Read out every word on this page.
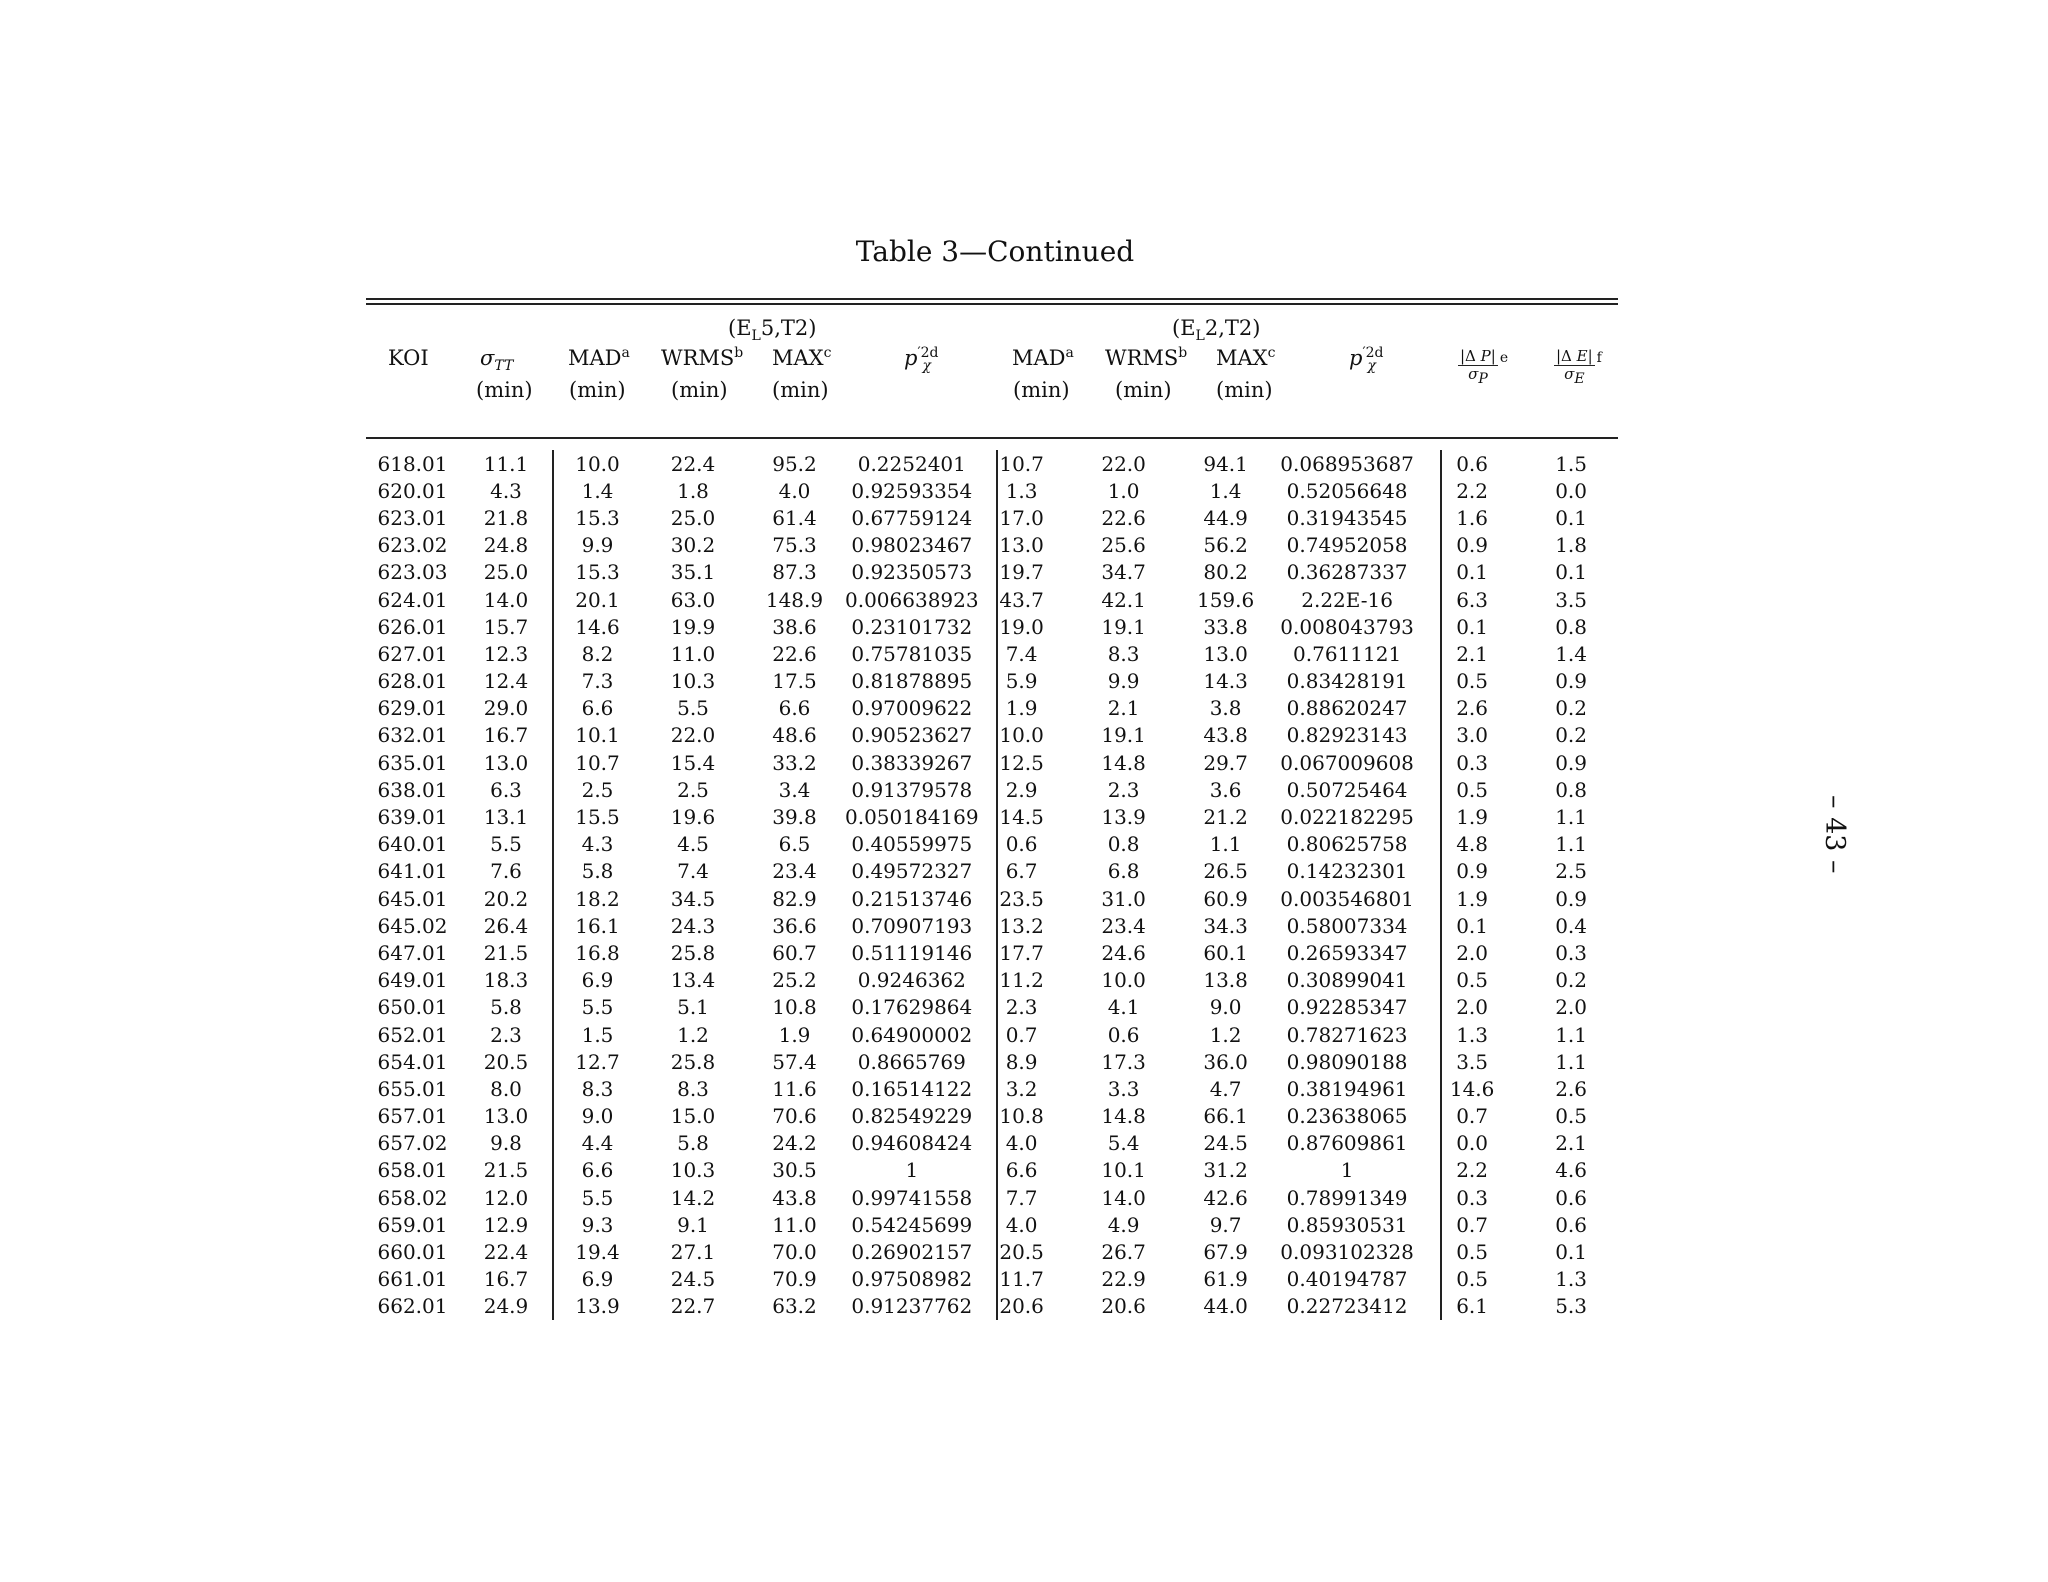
Table 3—Continued
$(E_L5,T2)$	$(E_L2,T2)$
KOI $\sigma_{TT}$	MAD$^a$ WRMS$^b$ MAX$^c$	$p^{'2d}_\chi$	MAD$^a$ WRMS$^b$ MAX$^c$	$p^{'2d}_\chi$	$\frac{\text{|Δ P|}}{\sigma_P}$ e	$\frac{\text{|Δ E|}}{\sigma_E}$ f
(min) (min) (min) (min)	(min) (min) (min)
618.01	11.1	10.0	22.4	95.2	0.2252401	10.7	22.0	94.1	0.068953687	0.6	1.5
620.01	4.3	1.4	1.8	4.0	0.92593354	1.3	1.0	1.4	0.52056648	2.2	0.0
623.01	21.8	15.3	25.0	61.4	0.67759124	17.0	22.6	44.9	0.31943545	1.6	0.1
623.02	24.8	9.9	30.2	75.3	0.98023467	13.0	25.6	56.2	0.74952058	0.9	1.8
623.03	25.0	15.3	35.1	87.3	0.92350573	19.7	34.7	80.2	0.36287337	0.1	0.1
624.01	14.0	20.1	63.0	148.9	0.006638923	43.7	42.1	159.6	2.22E-16	6.3	3.5
626.01	15.7	14.6	19.9	38.6	0.23101732	19.0	19.1	33.8	0.008043793	0.1	0.8
627.01	12.3	8.2	11.0	22.6	0.75781035	7.4	8.3	13.0	0.7611121	2.1	1.4
628.01	12.4	7.3	10.3	17.5	0.81878895	5.9	9.9	14.3	0.83428191	0.5	0.9
629.01	29.0	6.6	5.5	6.6	0.97009622	1.9	2.1	3.8	0.88620247	2.6	0.2
632.01	16.7	10.1	22.0	48.6	0.90523627	10.0	19.1	43.8	0.82923143	3.0	0.2
635.01	13.0	10.7	15.4	33.2	0.38339267	12.5	14.8	29.7	0.067009608	0.3	0.9
638.01	6.3	2.5	2.5	3.4	0.91379578	2.9	2.3	3.6	0.50725464	0.5	0.8
639.01	13.1	15.5	19.6	39.8	0.050184169	14.5	13.9	21.2	0.022182295	1.9	1.1
640.01	5.5	4.3	4.5	6.5	0.40559975	0.6	0.8	1.1	0.80625758	4.8	1.1
641.01	7.6	5.8	7.4	23.4	0.49572327	6.7	6.8	26.5	0.14232301	0.9	2.5
645.01	20.2	18.2	34.5	82.9	0.21513746	23.5	31.0	60.9	0.003546801	1.9	0.9
645.02	26.4	16.1	24.3	36.6	0.70907193	13.2	23.4	34.3	0.58007334	0.1	0.4
647.01	21.5	16.8	25.8	60.7	0.51119146	17.7	24.6	60.1	0.26593347	2.0	0.3
649.01	18.3	6.9	13.4	25.2	0.9246362	11.2	10.0	13.8	0.30899041	0.5	0.2
650.01	5.8	5.5	5.1	10.8	0.17629864	2.3	4.1	9.0	0.92285347	2.0	2.0
652.01	2.3	1.5	1.2	1.9	0.64900002	0.7	0.6	1.2	0.78271623	1.3	1.1
654.01	20.5	12.7	25.8	57.4	0.8665769	8.9	17.3	36.0	0.98090188	3.5	1.1
655.01	8.0	8.3	8.3	11.6	0.16514122	3.2	3.3	4.7	0.38194961	14.6	2.6
657.01	13.0	9.0	15.0	70.6	0.82549229	10.8	14.8	66.1	0.23638065	0.7	0.5
657.02	9.8	4.4	5.8	24.2	0.94608424	4.0	5.4	24.5	0.87609861	0.0	2.1
658.01	21.5	6.6	10.3	30.5	1	6.6	10.1	31.2	1	2.2	4.6
658.02	12.0	5.5	14.2	43.8	0.99741558	7.7	14.0	42.6	0.78991349	0.3	0.6
659.01	12.9	9.3	9.1	11.0	0.54245699	4.0	4.9	9.7	0.85930531	0.7	0.6
660.01	22.4	19.4	27.1	70.0	0.26902157	20.5	26.7	67.9	0.093102328	0.5	0.1
661.01	16.7	6.9	24.5	70.9	0.97508982	11.7	22.9	61.9	0.40194787	0.5	1.3
662.01	24.9	13.9	22.7	63.2	0.91237762	20.6	20.6	44.0	0.22723412	6.1	5.3
– 43 –
